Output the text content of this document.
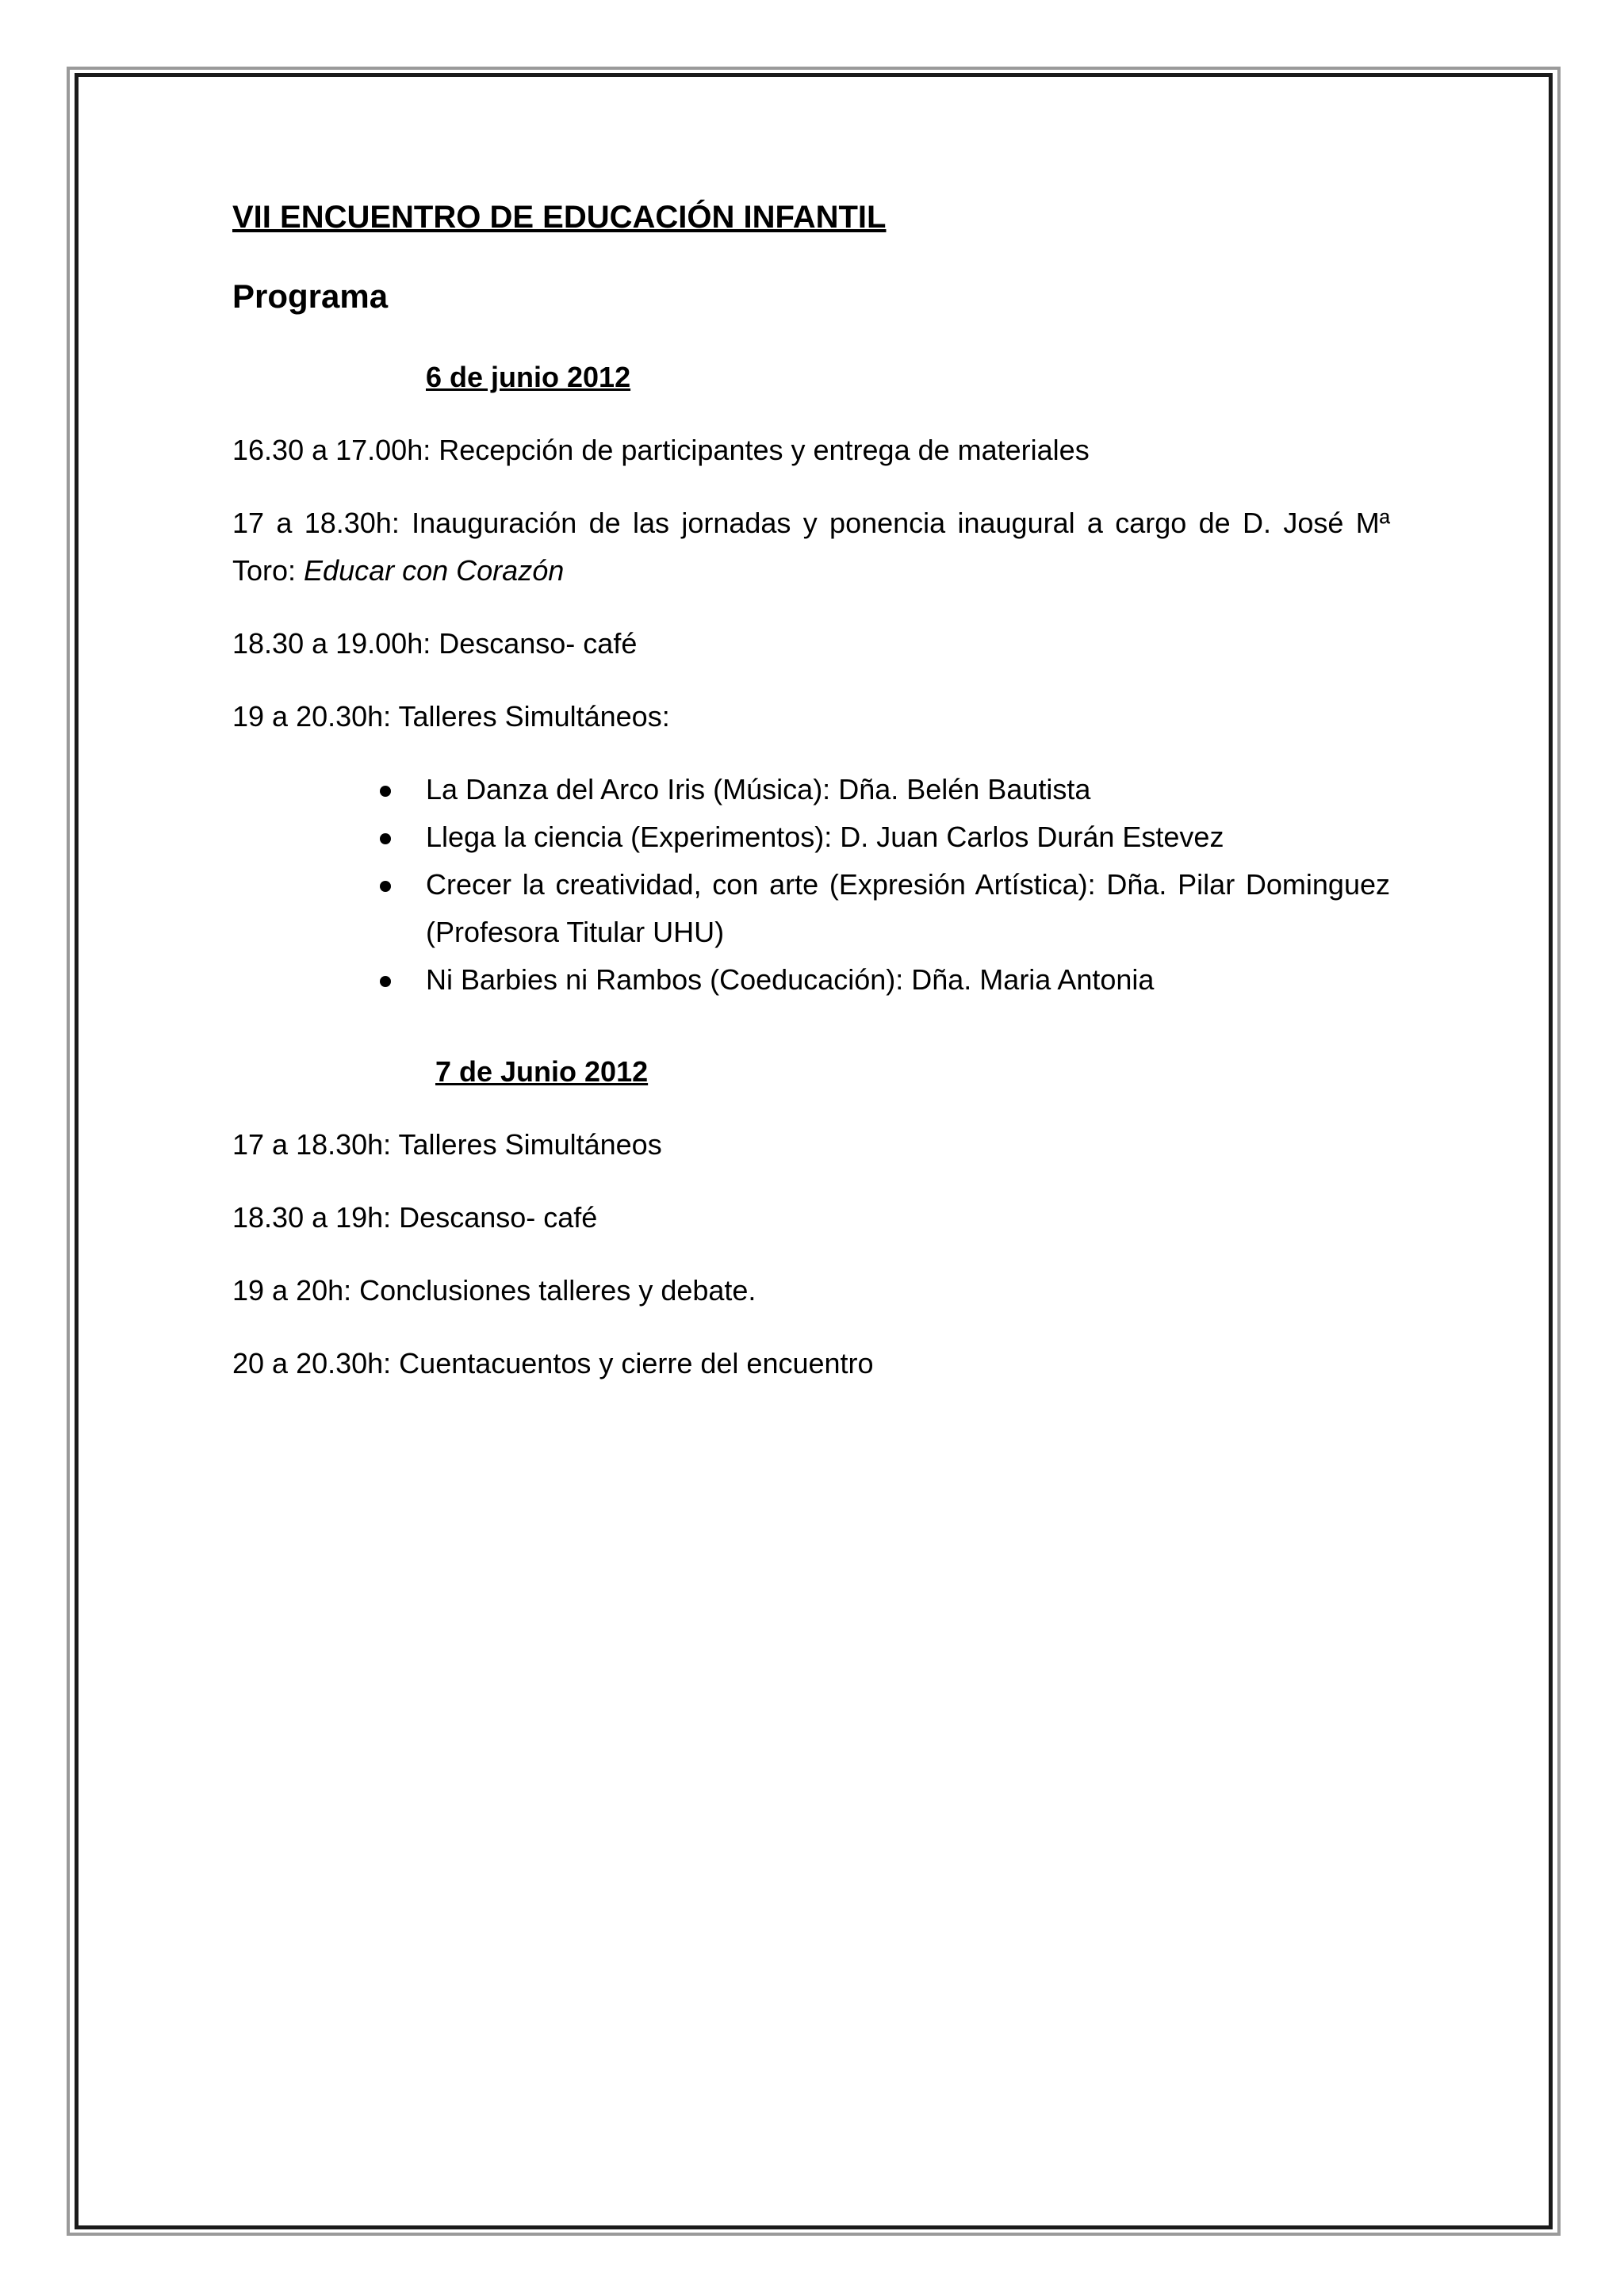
VII ENCUENTRO DE EDUCACIÓN INFANTIL
Programa
6 de junio 2012
16.30 a 17.00h: Recepción de participantes y entrega de materiales
17 a 18.30h: Inauguración de las jornadas y ponencia inaugural a cargo de D. José Mª Toro: Educar con Corazón
18.30 a 19.00h: Descanso- café
19 a 20.30h: Talleres Simultáneos:
La Danza del Arco Iris (Música): Dña. Belén Bautista
Llega la ciencia (Experimentos): D. Juan Carlos Durán Estevez
Crecer la creatividad, con arte (Expresión Artística): Dña. Pilar Dominguez (Profesora Titular UHU)
Ni Barbies ni Rambos (Coeducación): Dña. Maria Antonia
7 de Junio 2012
17 a 18.30h: Talleres Simultáneos
18.30 a 19h: Descanso- café
19 a 20h: Conclusiones talleres y debate.
20 a 20.30h: Cuentacuentos y cierre del encuentro
